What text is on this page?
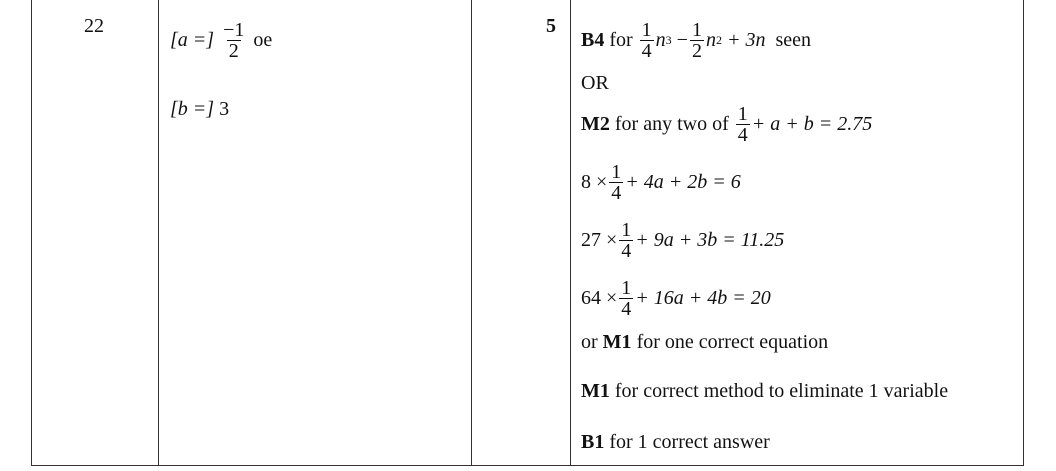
22	5
[a =]
$\frac{-1}{2}$
oe
[b =] 3
B4
for
$\frac{1}{4}$ n 3
− $\frac{1}{2}$ n 2
+ 3n
seen
OR
M2
for any two of
$\frac{1}{4} + a + b = 2.75$
$8 \times \frac{1}{4} + 4a + 2b = 6$
$27 \times \frac{1}{4} + 9a + 3b = 11.25$
$64 \times \frac{1}{4} + 16a + 4b = 20$
or M1 for one correct equation
M1 for correct method to eliminate 1 variable
B1 for 1 correct answer
